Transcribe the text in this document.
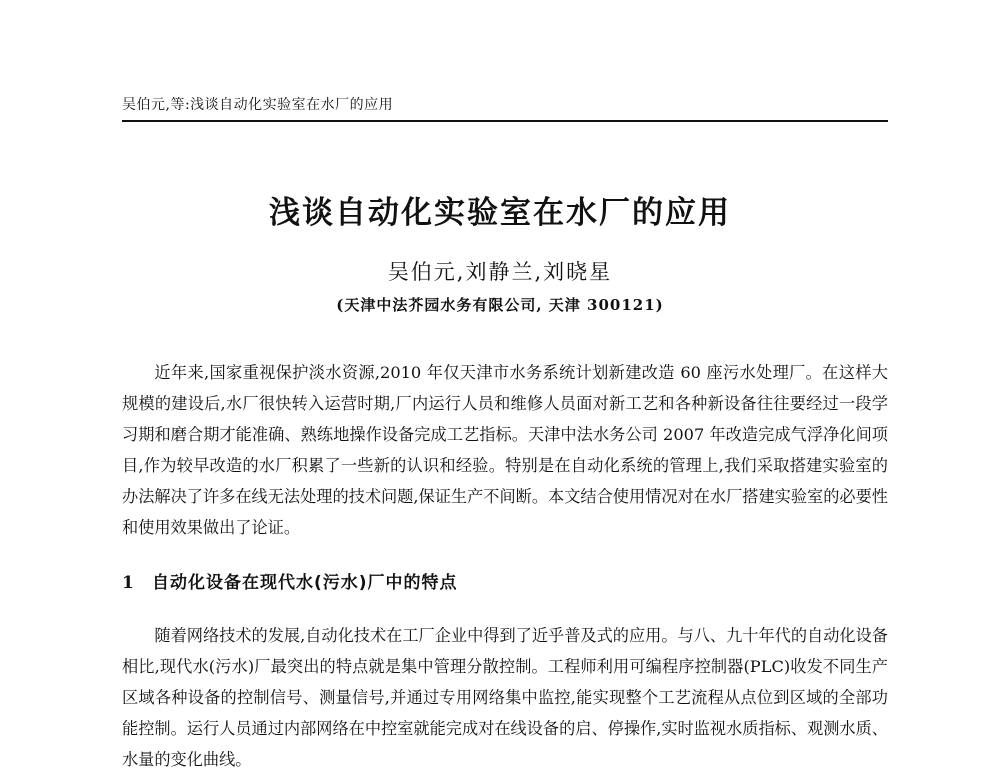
吴伯元,等:浅谈自动化实验室在水厂的应用
浅谈自动化实验室在水厂的应用
吴伯元,刘静兰,刘晓星
(天津中法芥园水务有限公司, 天津 300121)

近年来,国家重视保护淡水资源,2010 年仅天津市水务系统计划新建改造 60 座污水处理厂。在这样大规模的建设后,水厂很快转入运营时期,厂内运行人员和维修人员面对新工艺和各种新设备往往要经过一段学习期和磨合期才能准确、熟练地操作设备完成工艺指标。天津中法水务公司 2007 年改造完成气浮净化间项目,作为较早改造的水厂积累了一些新的认识和经验。特别是在自动化系统的管理上,我们采取搭建实验室的办法解决了许多在线无法处理的技术问题,保证生产不间断。本文结合使用情况对在水厂搭建实验室的必要性和使用效果做出了论证。

1 自动化设备在现代水(污水)厂中的特点

随着网络技术的发展,自动化技术在工厂企业中得到了近乎普及式的应用。与八、九十年代的自动化设备相比,现代水(污水)厂最突出的特点就是集中管理分散控制。工程师利用可编程序控制器(PLC)收发不同生产区域各种设备的控制信号、测量信号,并通过专用网络集中监控,能实现整个工艺流程从点位到区域的全部功能控制。运行人员通过内部网络在中控室就能完成对在线设备的启、停操作,实时监视水质指标、观测水质、水量的变化曲线。
